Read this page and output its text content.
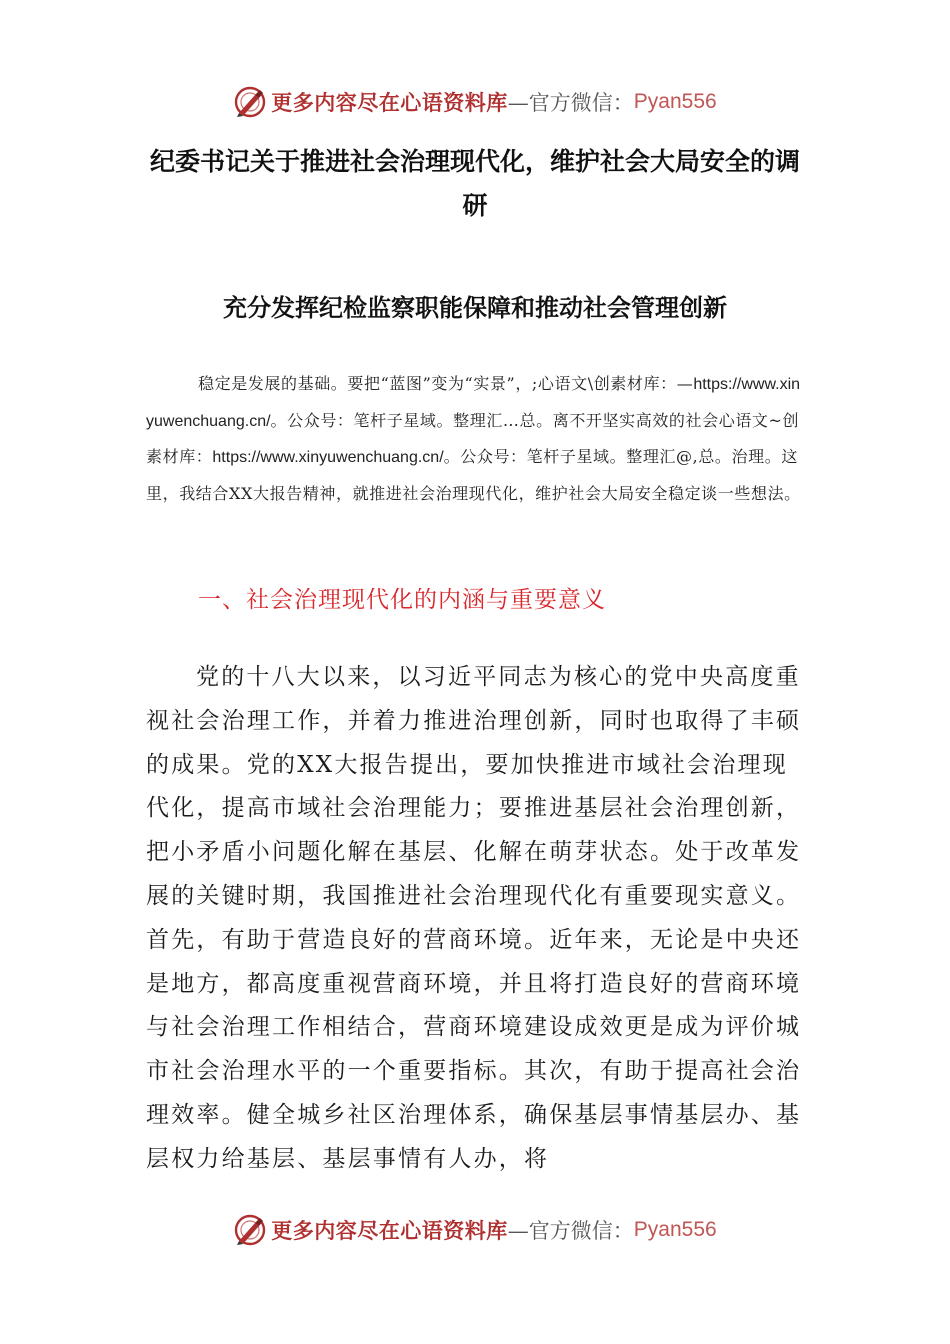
更多内容尽在心语资料库 —官方微信： Pyan556
纪委书记关于推进社会治理现代化，维护社会大局安全的调研
充分发挥纪检监察职能保障和推动社会管理创新

稳定是发展的基础。要把“蓝图”变为“实景”，;心语文\创素材库：—https://www.xinyuwenchuang.cn/。公众号：笔杆子星域。整理汇…总。离不开坚实高效的社会心语文~创素材库：https://www.xinyuwenchuang.cn/。公众号：笔杆子星域。整理汇@,总。治理。这里，我结合XX大报告精神，就推进社会治理现代化，维护社会大局安全稳定谈一些想法。

一、社会治理现代化的内涵与重要意义

党的十八大以来，以习近平同志为核心的党中央高度重视社会治理工作，并着力推进治理创新，同时也取得了丰硕的成果。党的XX大报告提出，要加快推进市域社会治理现代化，提高市域社会治理能力；要推进基层社会治理创新，把小矛盾小问题化解在基层、化解在萌芽状态。处于改革发展的关键时期，我国推进社会治理现代化有重要现实意义。首先，有助于营造良好的营商环境。近年来，无论是中央还是地方，都高度重视营商环境，并且将打造良好的营商环境与社会治理工作相结合，营商环境建设成效更是成为评价城市社会治理水平的一个重要指标。其次，有助于提高社会治理效率。健全城乡社区治理体系，确保基层事情基层办、基层权力给基层、基层事情有人办，将

更多内容尽在心语资料库 —官方微信： Pyan556
